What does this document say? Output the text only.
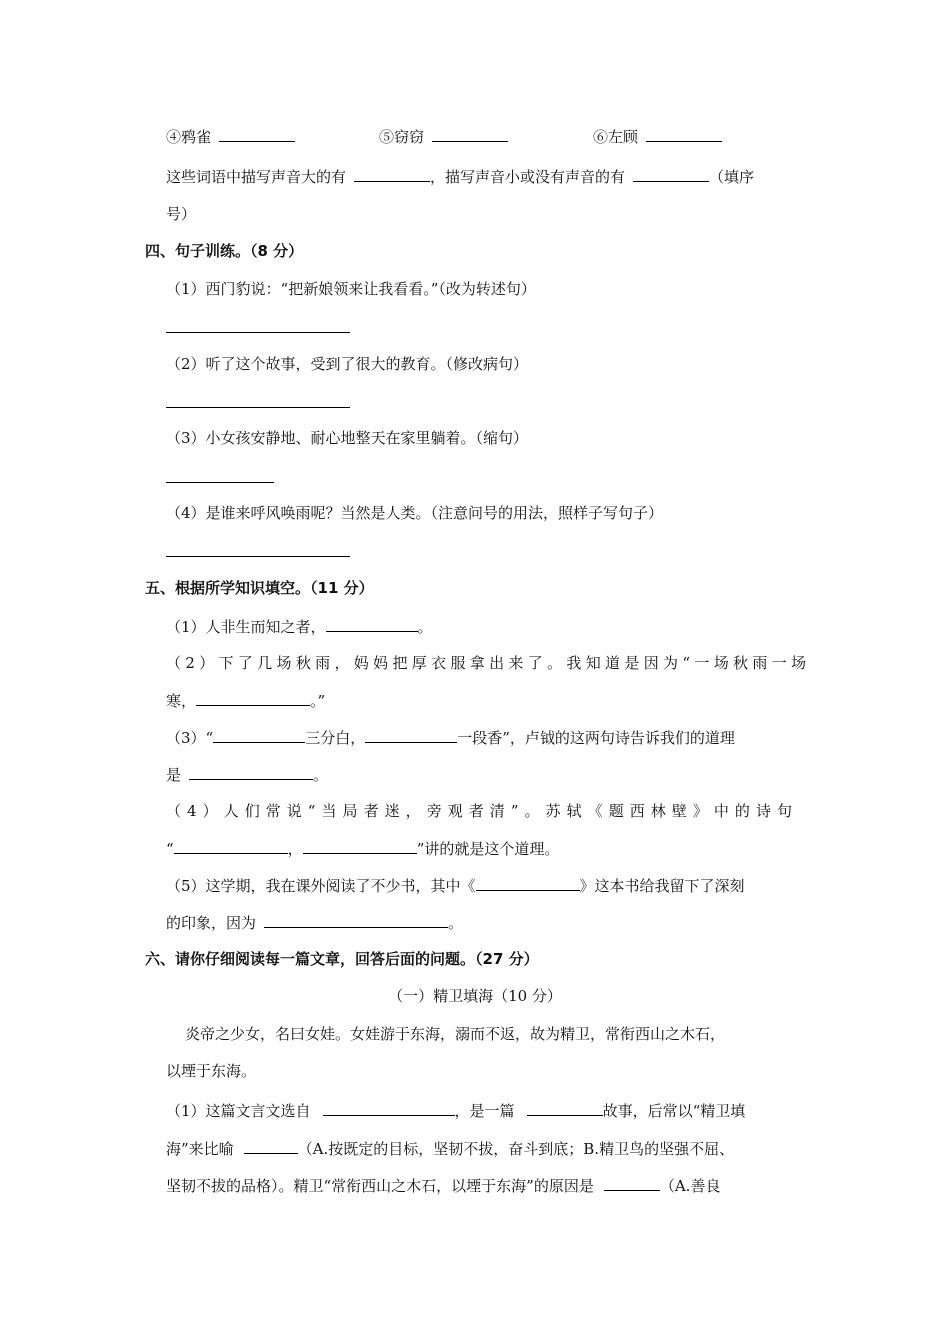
④鸦雀	⑤窃窃	⑥左顾
这些词语中描写声音大的有	，描写声音小或没有声音的有	（填序
号）
四、句子训练。（8 分）
（1）西门豹说：“把新娘领来让我看看。”（改为转述句）
（2）听了这个故事，受到了很大的教育。（修改病句）
（3）小女孩安静地、耐心地整天在家里躺着。（缩句）
（4）是谁来呼风唤雨呢？当然是人类。（注意问号的用法，照样子写句子）
五、根据所学知识填空。（11 分）
（1）人非生而知之者，	。
（2）下了几场秋雨，妈妈把厚衣服拿出来了。我知道是因为“一场秋雨一场
寒，	。”
（3）“	三分白，	一段香”，卢钺的这两句诗告诉我们的道理
是	。
（4）人们常说“当局者迷，旁观者清”。苏轼《题西林壁》中的诗句
“	，	”讲的就是这个道理。
（5）这学期，我在课外阅读了不少书，其中《	》这本书给我留下了深刻
的印象，因为	。
六、请你仔细阅读每一篇文章，回答后面的问题。（27 分）
（一）精卫填海（10 分）
炎帝之少女，名曰女娃。女娃游于东海，溺而不返，故为精卫，常衔西山之木石，
以堙于东海。
（1）这篇文言文选自	，是一篇	故事，后常以“精卫填
海”来比喻	（A.按既定的目标，坚韧不拔，奋斗到底；B.精卫鸟的坚强不屈、
坚韧不拔的品格）。精卫“常衔西山之木石，以堙于东海”的原因是	（A.善良
